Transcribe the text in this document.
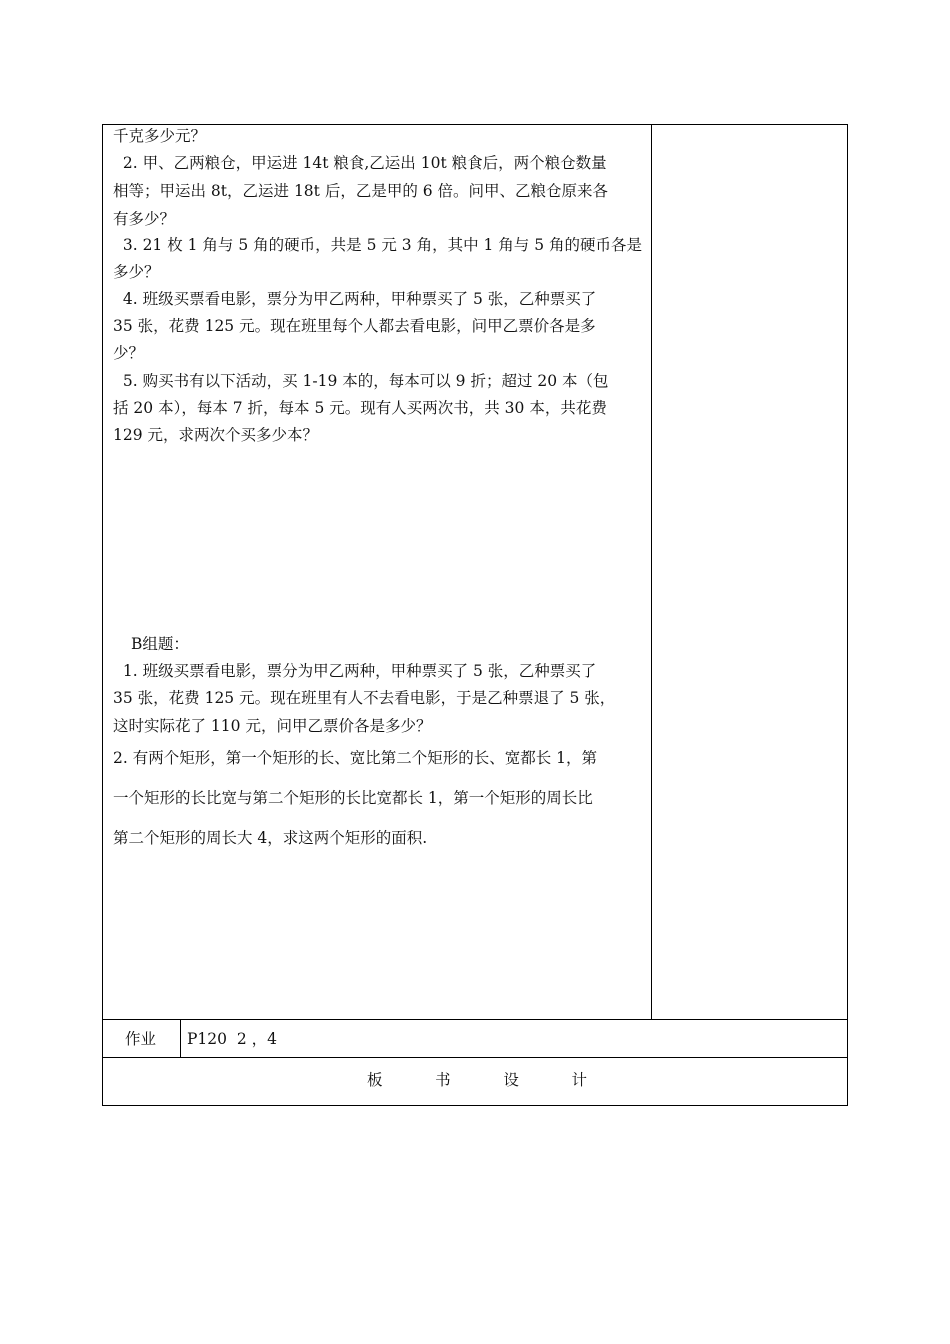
千克多少元？
2. 甲、乙两粮仓，甲运进 14t 粮食,乙运出 10t 粮食后，两个粮仓数量
相等；甲运出 8t，乙运进 18t 后，乙是甲的 6 倍。问甲、乙粮仓原来各
有多少？
3. 21 枚 1 角与 5 角的硬币，共是 5 元 3 角，其中 1 角与 5 角的硬币各是
多少？
4. 班级买票看电影，票分为甲乙两种，甲种票买了 5 张，乙种票买了
35 张，花费 125 元。现在班里每个人都去看电影，问甲乙票价各是多
少？
5. 购买书有以下活动，买 1-19 本的，每本可以 9 折；超过 20 本（包
括 20 本），每本 7 折，每本 5 元。现有人买两次书，共 30 本，共花费
129 元，求两次个买多少本？
B组题：
1. 班级买票看电影，票分为甲乙两种，甲种票买了 5 张，乙种票买了
35 张，花费 125 元。现在班里有人不去看电影，于是乙种票退了 5 张，
这时实际花了 110 元，问甲乙票价各是多少？
2. 有两个矩形，第一个矩形的长、宽比第二个矩形的长、宽都长 1，第
一个矩形的长比宽与第二个矩形的长比宽都长 1，第一个矩形的周长比
第二个矩形的周长大 4，求这两个矩形的面积.
作业 P120  2 ，4
板	书	设	计
